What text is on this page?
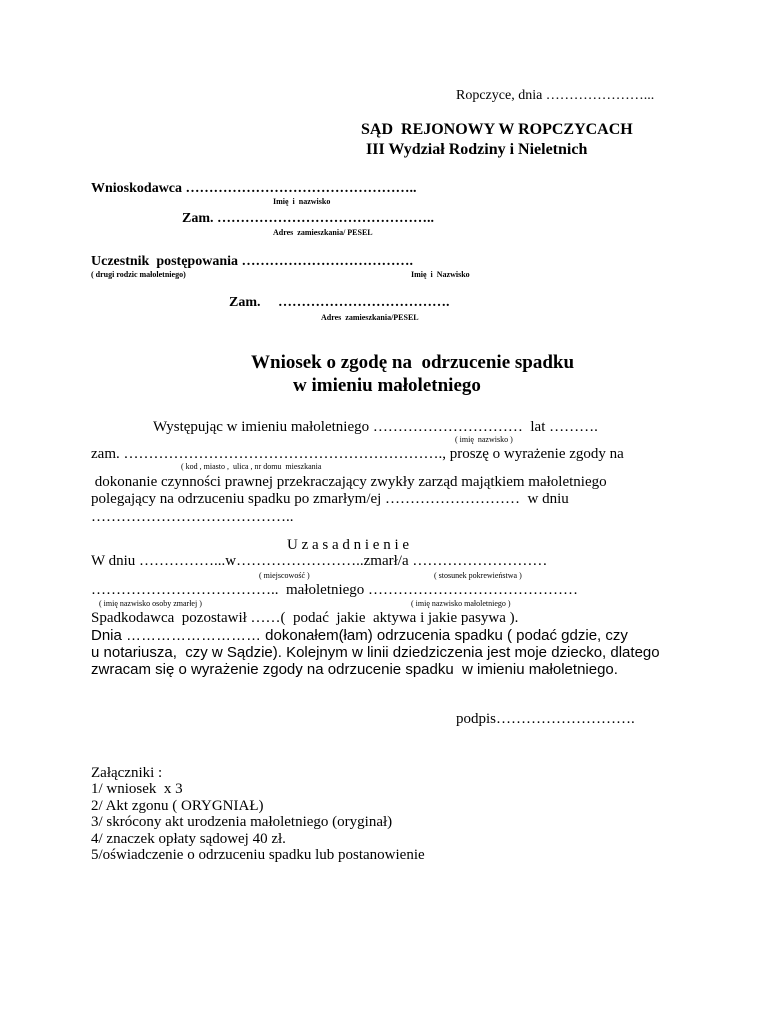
Ropczyce, dnia …………………...
SĄD  REJONOWY W ROPCZYCACH
III Wydział Rodziny i Nieletnich
Wnioskodawca …………………………………………..
Imię  i  nazwisko
Zam. ………………………………………..
Adres  zamieszkania/ PESEL
Uczestnik  postępowania ……………………………….
( drugi rodzic małoletniego)	Imię  i  Nazwisko
Zam.     ……………………………….
Adres  zamieszkania/PESEL
Wniosek o zgodę na  odrzucenie spadku
w imieniu małoletniego
Występując w imieniu małoletniego …………………………  lat ……….
( imię  nazwisko )
zam. ………………………………………………………., proszę o wyrażenie zgody na
( kod , miasto ,  ulica , nr domu  mieszkania
dokonanie czynności prawnej przekraczający zwykły zarząd majątkiem małoletniego
polegający na odrzuceniu spadku po zmarłym/ej ………………………  w dniu
…………………………………..
U z a s a d n i e n i e
W dniu ……………...w……………………..zmarł/a ………………………
( miejscowość )	( stosunek pokrewieństwa )
………………………………..  małoletniego ……………………………………
( imię nazwisko osoby zmarłej )	( imię nazwisko małoletniego )
Spadkodawca  pozostawił ……(  podać  jakie  aktywa i jakie pasywa ).
Dnia ……………………… dokonałem(łam) odrzucenia spadku ( podać gdzie, czy
u notariusza,  czy w Sądzie). Kolejnym w linii dziedziczenia jest moje dziecko, dlatego
zwracam się o wyrażenie zgody na odrzucenie spadku  w imieniu małoletniego.
podpis……………………….
Załączniki :
1/ wniosek  x 3
2/ Akt zgonu ( ORYGNIAŁ)
3/ skrócony akt urodzenia małoletniego (oryginał)
4/ znaczek opłaty sądowej 40 zł.
5/oświadczenie o odrzuceniu spadku lub postanowienie
